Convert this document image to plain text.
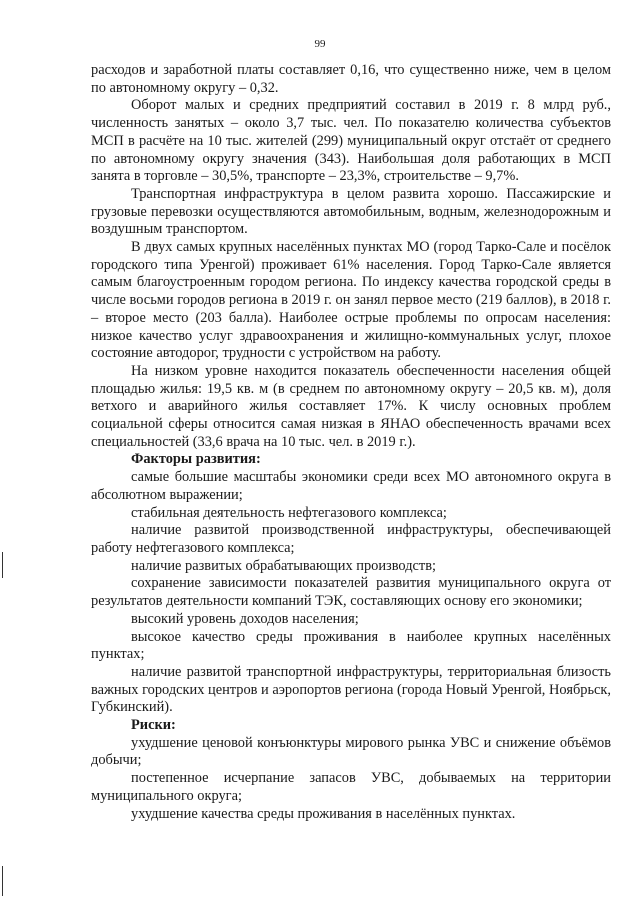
99

расходов и заработной платы составляет 0,16, что существенно ниже, чем в целом по автономному округу – 0,32.

Оборот малых и средних предприятий составил в 2019 г. 8 млрд руб., численность занятых – около 3,7 тыс. чел. По показателю количества субъектов МСП в расчёте на 10 тыс. жителей (299) муниципальный округ отстаёт от среднего по автономному округу значения (343). Наибольшая доля работающих в МСП занята в торговле – 30,5%, транспорте – 23,3%, строительстве – 9,7%.

Транспортная инфраструктура в целом развита хорошо. Пассажирские и грузовые перевозки осуществляются автомобильным, водным, железнодорожным и воздушным транспортом.

В двух самых крупных населённых пунктах МО (город Тарко-Сале и посёлок городского типа Уренгой) проживает 61% населения. Город Тарко-Сале является самым благоустроенным городом региона. По индексу качества городской среды в числе восьми городов региона в 2019 г. он занял первое место (219 баллов), в 2018 г. – второе место (203 балла). Наиболее острые проблемы по опросам населения: низкое качество услуг здравоохранения и жилищно-коммунальных услуг, плохое состояние автодорог, трудности с устройством на работу.

На низком уровне находится показатель обеспеченности населения общей площадью жилья: 19,5 кв. м (в среднем по автономному округу – 20,5 кв. м), доля ветхого и аварийного жилья составляет 17%. К числу основных проблем социальной сферы относится самая низкая в ЯНАО обеспеченность врачами всех специальностей (33,6 врача на 10 тыс. чел. в 2019 г.).

Факторы развития:

самые большие масштабы экономики среди всех МО автономного округа в абсолютном выражении;

стабильная деятельность нефтегазового комплекса;

наличие развитой производственной инфраструктуры, обеспечивающей работу нефтегазового комплекса;

наличие развитых обрабатывающих производств;

сохранение зависимости показателей развития муниципального округа от результатов деятельности компаний ТЭК, составляющих основу его экономики;

высокий уровень доходов населения;

высокое качество среды проживания в наиболее крупных населённых пунктах;

наличие развитой транспортной инфраструктуры, территориальная близость важных городских центров и аэропортов региона (города Новый Уренгой, Ноябрьск, Губкинский).

Риски:

ухудшение ценовой конъюнктуры мирового рынка УВС и снижение объёмов добычи;

постепенное исчерпание запасов УВС, добываемых на территории муниципального округа;

ухудшение качества среды проживания в населённых пунктах.
